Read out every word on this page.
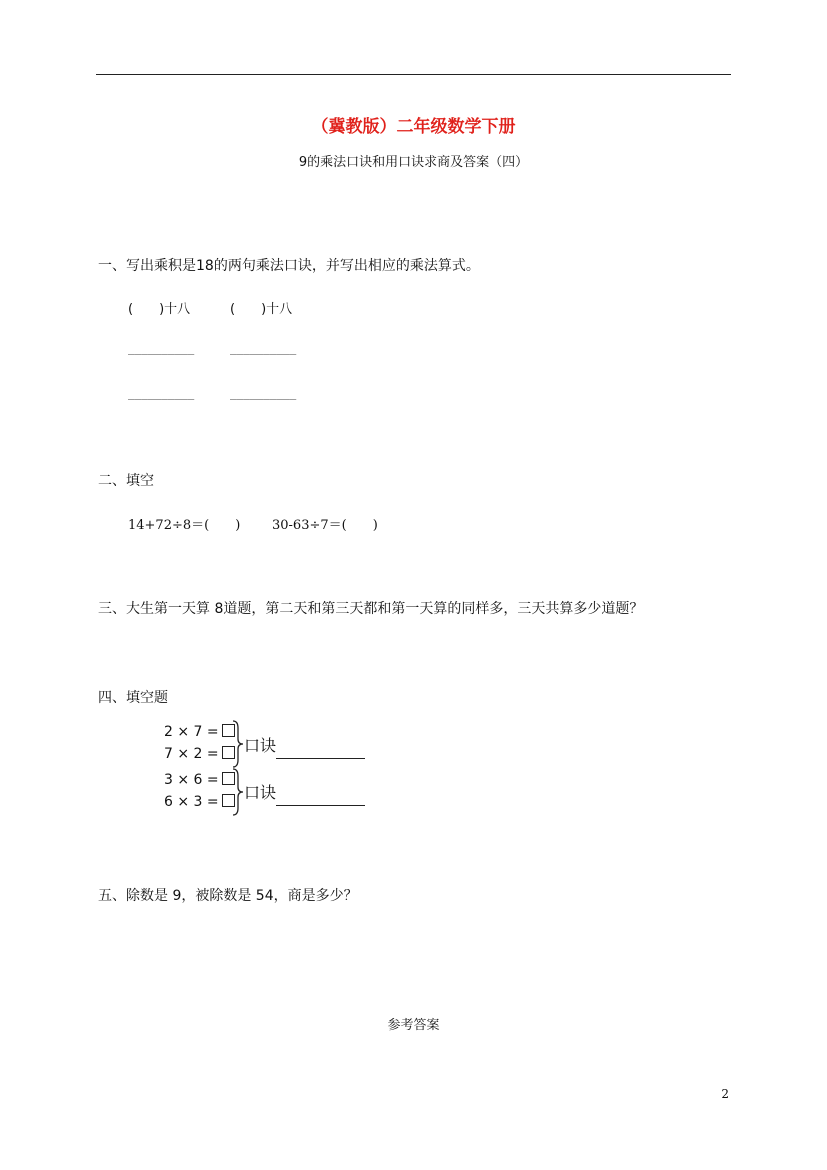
（冀教版）二年级数学下册
9的乘法口诀和用口诀求商及答案（四）
一、写出乘积是18的两句乘法口诀，并写出相应的乘法算式。
(　　)十八	(　　)十八
__________	__________
__________	__________
二、填空
14+72÷8＝(　　) 30-63÷7＝(　　)
三、大生第一天算 8道题，第二天和第三天都和第一天算的同样多，三天共算多少道题？
四、填空题
2 × 7 =
7 × 2 =
3 × 6 =
6 × 3 =
口诀
口诀
五、除数是 9，被除数是 54，商是多少？
参考答案
2
